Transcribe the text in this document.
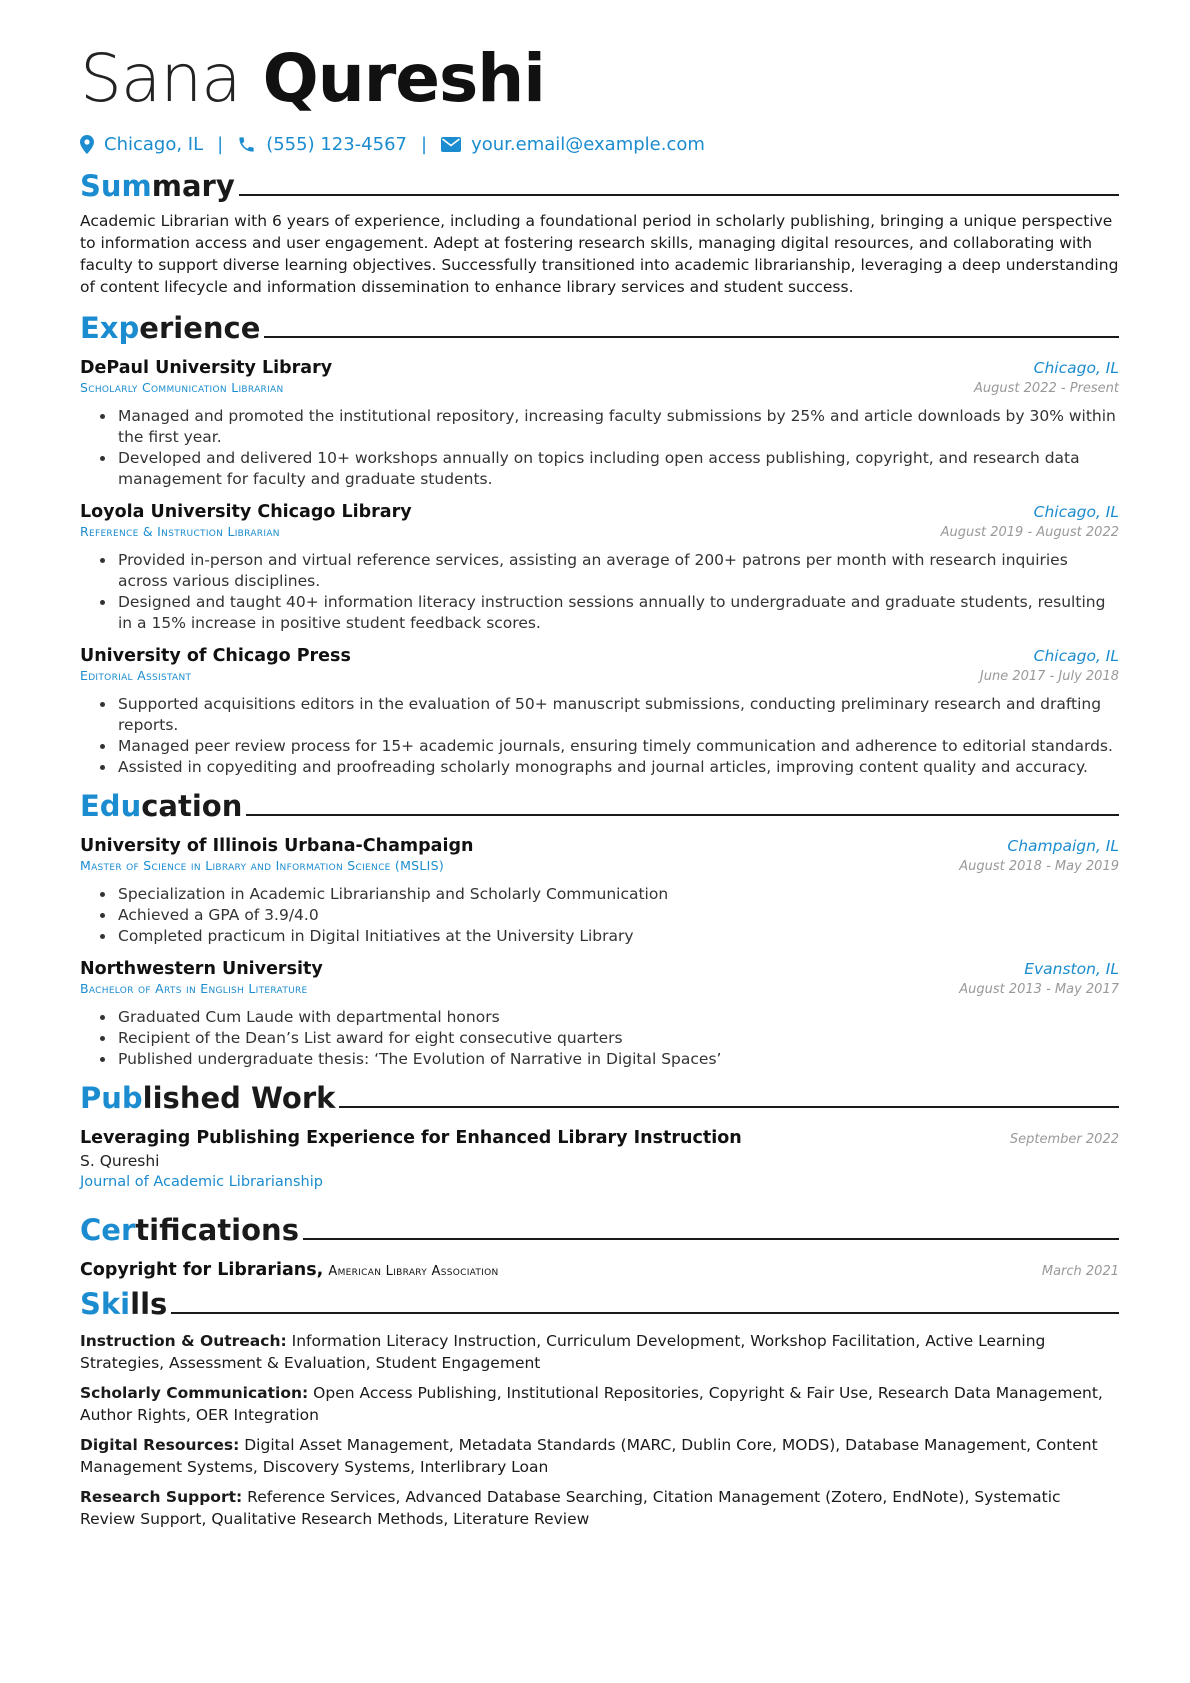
Sana Qureshi
Chicago, IL | (555) 123-4567 | your.email@example.com
Summary
Academic Librarian with 6 years of experience, including a foundational period in scholarly publishing, bringing a unique perspective to information access and user engagement. Adept at fostering research skills, managing digital resources, and collaborating with faculty to support diverse learning objectives. Successfully transitioned into academic librarianship, leveraging a deep understanding of content lifecycle and information dissemination to enhance library services and student success.
Experience
DePaul University Library	Chicago, IL
Scholarly Communication Librarian	August 2022 - Present
• Managed and promoted the institutional repository, increasing faculty submissions by 25% and article downloads by 30% within the first year.
• Developed and delivered 10+ workshops annually on topics including open access publishing, copyright, and research data management for faculty and graduate students.
Loyola University Chicago Library	Chicago, IL
Reference & Instruction Librarian	August 2019 - August 2022
• Provided in-person and virtual reference services, assisting an average of 200+ patrons per month with research inquiries across various disciplines.
• Designed and taught 40+ information literacy instruction sessions annually to undergraduate and graduate students, resulting in a 15% increase in positive student feedback scores.
University of Chicago Press	Chicago, IL
Editorial Assistant	June 2017 - July 2018
• Supported acquisitions editors in the evaluation of 50+ manuscript submissions, conducting preliminary research and drafting reports.
• Managed peer review process for 15+ academic journals, ensuring timely communication and adherence to editorial standards.
• Assisted in copyediting and proofreading scholarly monographs and journal articles, improving content quality and accuracy.
Education
University of Illinois Urbana-Champaign	Champaign, IL
Master of Science in Library and Information Science (MSLIS)	August 2018 - May 2019
• Specialization in Academic Librarianship and Scholarly Communication
• Achieved a GPA of 3.9/4.0
• Completed practicum in Digital Initiatives at the University Library
Northwestern University	Evanston, IL
Bachelor of Arts in English Literature	August 2013 - May 2017
• Graduated Cum Laude with departmental honors
• Recipient of the Dean’s List award for eight consecutive quarters
• Published undergraduate thesis: ‘The Evolution of Narrative in Digital Spaces’
Published Work
Leveraging Publishing Experience for Enhanced Library Instruction	September 2022
S. Qureshi
Journal of Academic Librarianship
Certifications
Copyright for Librarians, American Library Association	March 2021
Skills
Instruction & Outreach: Information Literacy Instruction, Curriculum Development, Workshop Facilitation, Active Learning Strategies, Assessment & Evaluation, Student Engagement
Scholarly Communication: Open Access Publishing, Institutional Repositories, Copyright & Fair Use, Research Data Management, Author Rights, OER Integration
Digital Resources: Digital Asset Management, Metadata Standards (MARC, Dublin Core, MODS), Database Management, Content Management Systems, Discovery Systems, Interlibrary Loan
Research Support: Reference Services, Advanced Database Searching, Citation Management (Zotero, EndNote), Systematic Review Support, Qualitative Research Methods, Literature Review
